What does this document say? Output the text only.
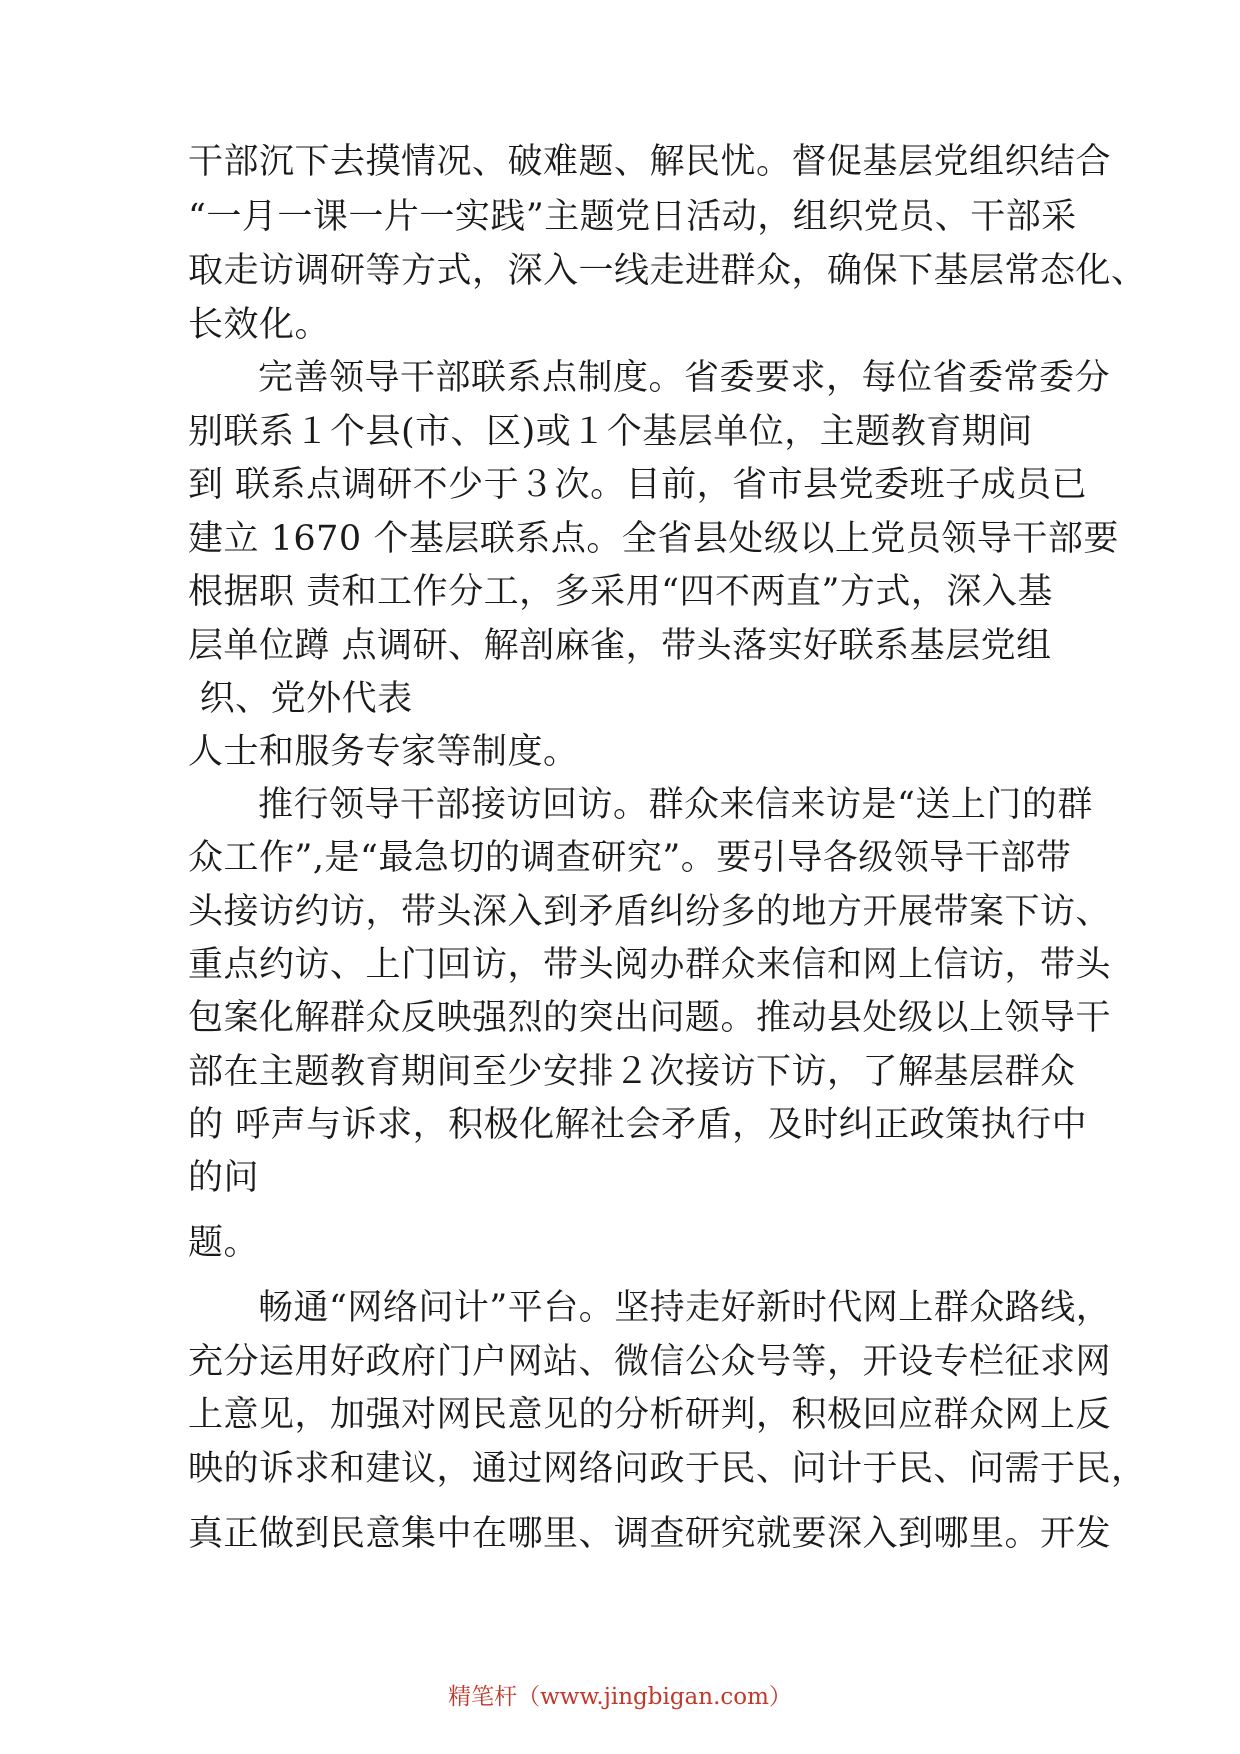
干部沉下去摸情况、破难题、解民忧。督促基层党组织结合
“一月一课一片一实践”主题党日活动，组织党员、干部采
取走访调研等方式，深入一线走进群众，确保下基层常态化、
长效化。
完善领导干部联系点制度。省委要求，每位省委常委分
别联系１个县(市、区)或１个基层单位，主题教育期间
到 联系点调研不少于３次。目前，省市县党委班子成员已
建立 1670 个基层联系点。全省县处级以上党员领导干部要
根据职 责和工作分工，多采用“四不两直”方式，深入基
层单位蹲 点调研、解剖麻雀，带头落实好联系基层党组
织、党外代表
人士和服务专家等制度。
推行领导干部接访回访。群众来信来访是“送上门的群
众工作”,是“最急切的调查研究”。要引导各级领导干部带
头接访约访，带头深入到矛盾纠纷多的地方开展带案下访、
重点约访、上门回访，带头阅办群众来信和网上信访，带头
包案化解群众反映强烈的突出问题。推动县处级以上领导干
部在主题教育期间至少安排２次接访下访，了解基层群众
的 呼声与诉求，积极化解社会矛盾，及时纠正政策执行中
的问
题。
畅通“网络问计”平台。坚持走好新时代网上群众路线，
充分运用好政府门户网站、微信公众号等，开设专栏征求网
上意见，加强对网民意见的分析研判，积极回应群众网上反
映的诉求和建议，通过网络问政于民、问计于民、问需于民，
真正做到民意集中在哪里、调查研究就要深入到哪里。开发
精笔杆（www.jingbigan.com）
